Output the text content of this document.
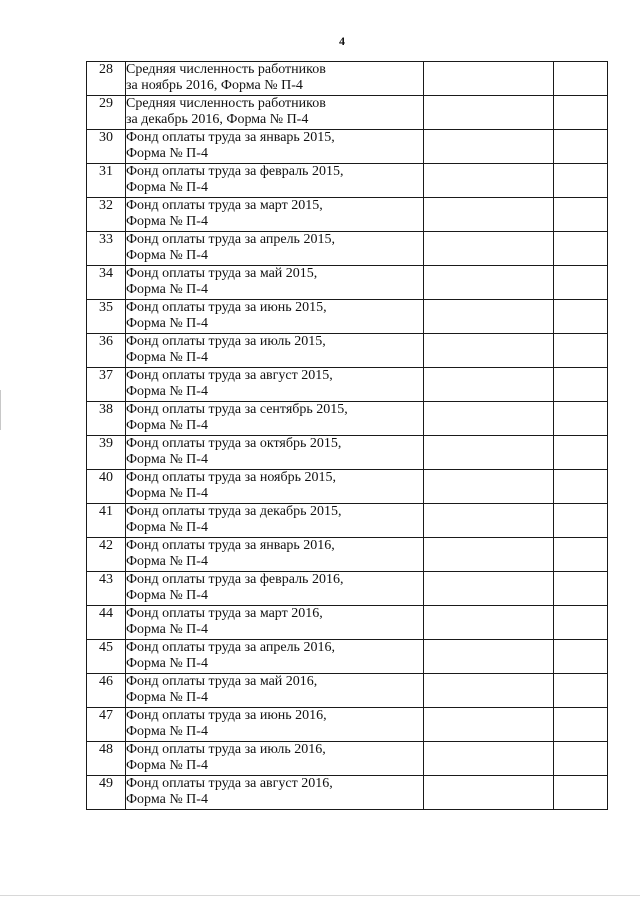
4
28	Средняя численность работников
за ноябрь 2016, Форма № П-4		

29	Средняя численность работников
за декабрь 2016, Форма № П-4		

30	Фонд оплаты труда за январь 2015,
Форма № П-4		

31	Фонд оплаты труда за февраль 2015,
Форма № П-4		

32	Фонд оплаты труда за март 2015,
Форма № П-4		

33	Фонд оплаты труда за апрель 2015,
Форма № П-4		

34	Фонд оплаты труда за май 2015,
Форма № П-4		

35	Фонд оплаты труда за июнь 2015,
Форма № П-4		

36	Фонд оплаты труда за июль 2015,
Форма № П-4		

37	Фонд оплаты труда за август 2015,
Форма № П-4		

38	Фонд оплаты труда за сентябрь 2015,
Форма № П-4		

39	Фонд оплаты труда за октябрь 2015,
Форма № П-4		

40	Фонд оплаты труда за ноябрь 2015,
Форма № П-4		

41	Фонд оплаты труда за декабрь 2015,
Форма № П-4		

42	Фонд оплаты труда за январь 2016,
Форма № П-4		

43	Фонд оплаты труда за февраль 2016,
Форма № П-4		

44	Фонд оплаты труда за март 2016,
Форма № П-4		

45	Фонд оплаты труда за апрель 2016,
Форма № П-4		

46	Фонд оплаты труда за май 2016,
Форма № П-4		

47	Фонд оплаты труда за июнь 2016,
Форма № П-4		

48	Фонд оплаты труда за июль 2016,
Форма № П-4		

49	Фонд оплаты труда за август 2016,
Форма № П-4		
